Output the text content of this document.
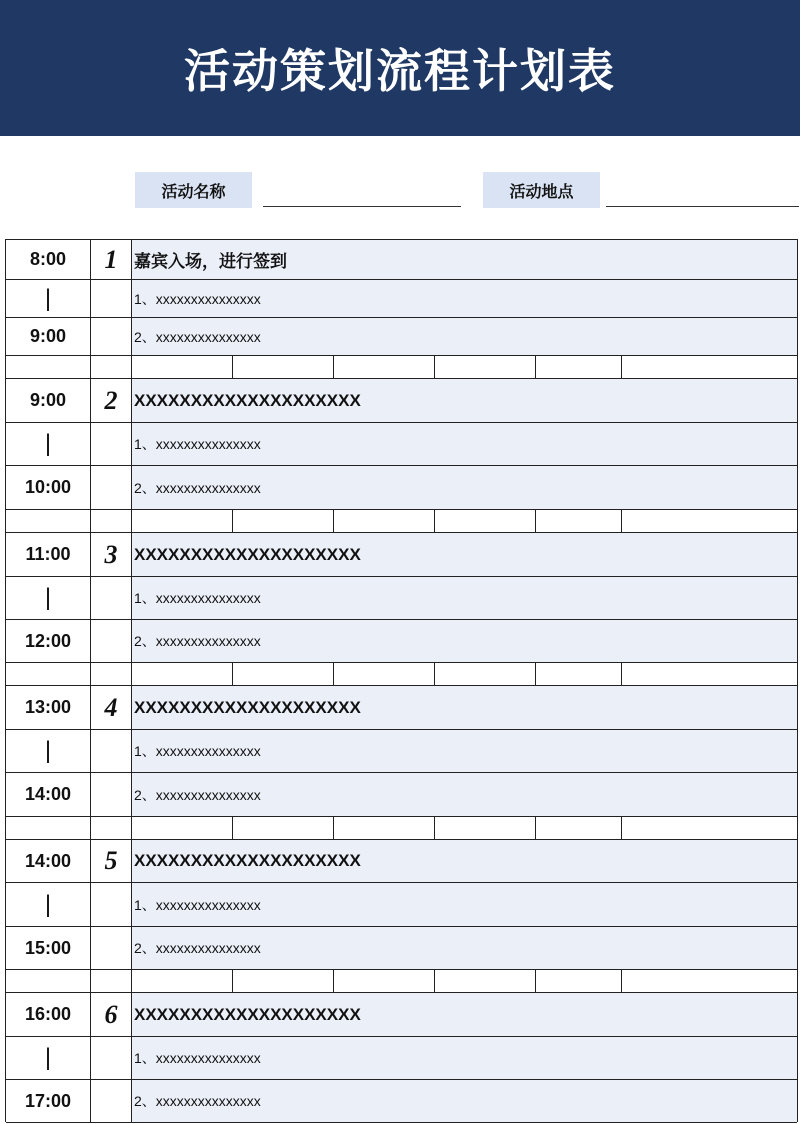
活动策划流程计划表
活动名称	活动地点
8:00	1 嘉宾入场，进行签到
|	1、xxxxxxxxxxxxxxx
9:00	2、xxxxxxxxxxxxxxx
9:00	2 XXXXXXXXXXXXXXXXXXXX
|	1、xxxxxxxxxxxxxxx
10:00	2、xxxxxxxxxxxxxxx
11:00	3 XXXXXXXXXXXXXXXXXXXX
|	1、xxxxxxxxxxxxxxx
12:00	2、xxxxxxxxxxxxxxx
13:00	4 XXXXXXXXXXXXXXXXXXXX
|	1、xxxxxxxxxxxxxxx
14:00	2、xxxxxxxxxxxxxxx
14:00	5 XXXXXXXXXXXXXXXXXXXX
|	1、xxxxxxxxxxxxxxx
15:00	2、xxxxxxxxxxxxxxx
16:00	6 XXXXXXXXXXXXXXXXXXXX
|	1、xxxxxxxxxxxxxxx
17:00	2、xxxxxxxxxxxxxxx
